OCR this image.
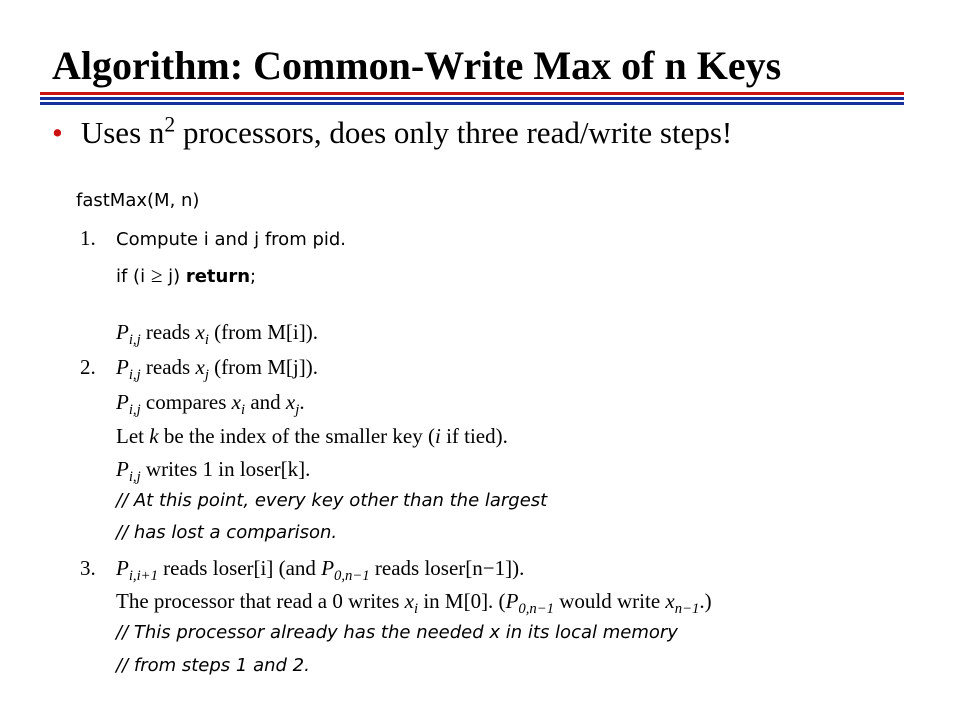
Algorithm: Common-Write Max of n Keys
• Uses $n^2$ processors, does only three read/write steps!
fastMax(M, n)
1. Compute i and j from pid.
if (i ≥ j) return;
$P_{i,j}$ reads $x_i$ (from M[i]).
2. $P_{i,j}$ reads $x_j$ (from M[j]).
$P_{i,j}$ compares $x_i$ and $x_j$.
Let k be the index of the smaller key (i if tied).
$P_{i,j}$ writes 1 in loser[k].
// At this point, every key other than the largest
// has lost a comparison.
3. $P_{i,i+1}$ reads loser[i] (and $P_{0,n-1}$ reads loser[n−1]).
The processor that read a 0 writes $x_i$ in M[0]. ($P_{0,n-1}$ would write $x_{n-1}$.)
// This processor already has the needed x in its local memory
// from steps 1 and 2.
